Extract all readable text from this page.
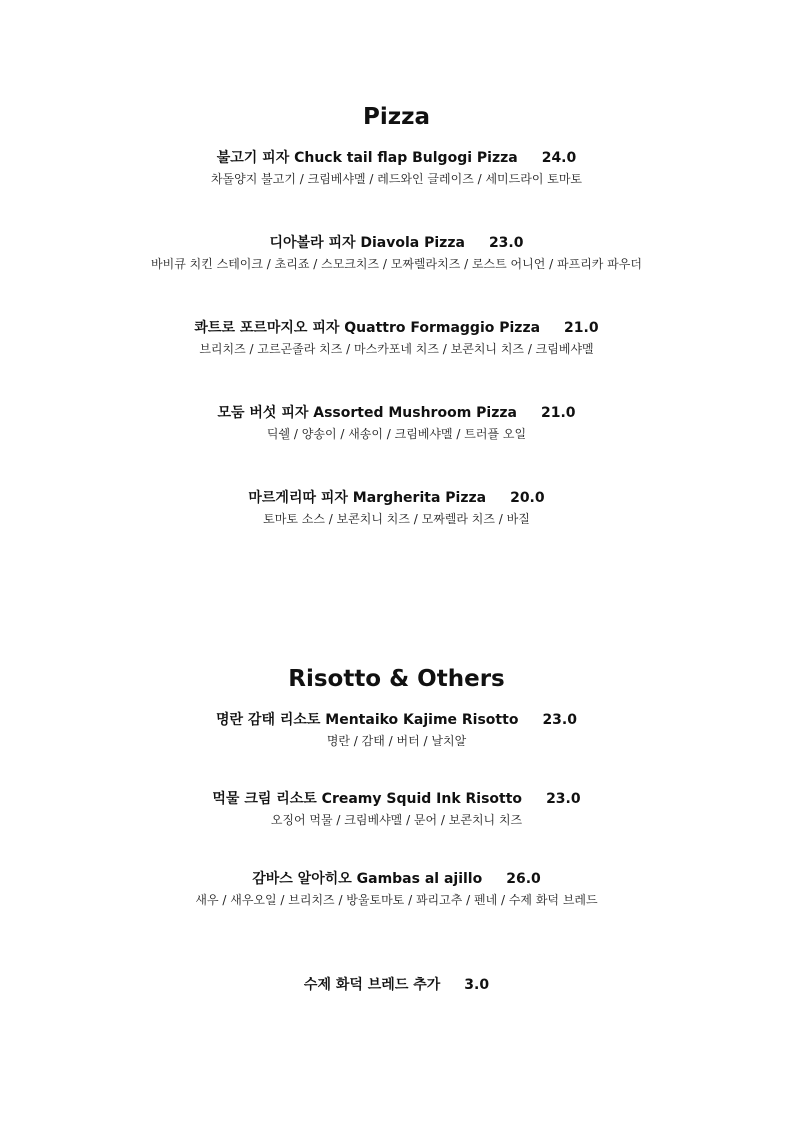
Pizza
불고기 피자 Chuck tail flap Bulgogi Pizza 24.0
차돌양지 불고기 / 크림베샤멜 / 레드와인 글레이즈 / 세미드라이 토마토
디아볼라 피자 Diavola Pizza 23.0
바비큐 치킨 스테이크 / 초리죠 / 스모크치즈 / 모짜렐라치즈 / 로스트 어니언 / 파프리카 파우더
콰트로 포르마지오 피자 Quattro Formaggio Pizza 21.0
브리치즈 / 고르곤졸라 치즈 / 마스카포네 치즈 / 보콘치니 치즈 / 크림베샤멜
모둠 버섯 피자 Assorted Mushroom Pizza 21.0
딕쉘 / 양송이 / 새송이 / 크림베샤멜 / 트러플 오일
마르게리따 피자 Margherita Pizza 20.0
토마토 소스 / 보콘치니 치즈 / 모짜렐라 치즈 / 바질
Risotto & Others
명란 감태 리소토 Mentaiko Kajime Risotto 23.0
명란 / 감태 / 버터 / 날치알
먹물 크림 리소토 Creamy Squid Ink Risotto 23.0
오징어 먹물 / 크림베샤멜 / 문어 / 보콘치니 치즈
감바스 알아히오 Gambas al ajillo 26.0
새우 / 새우오일 / 브리치즈 / 방울토마토 / 꽈리고추 / 펜네 / 수제 화덕 브레드
수제 화덕 브레드 추가 3.0
